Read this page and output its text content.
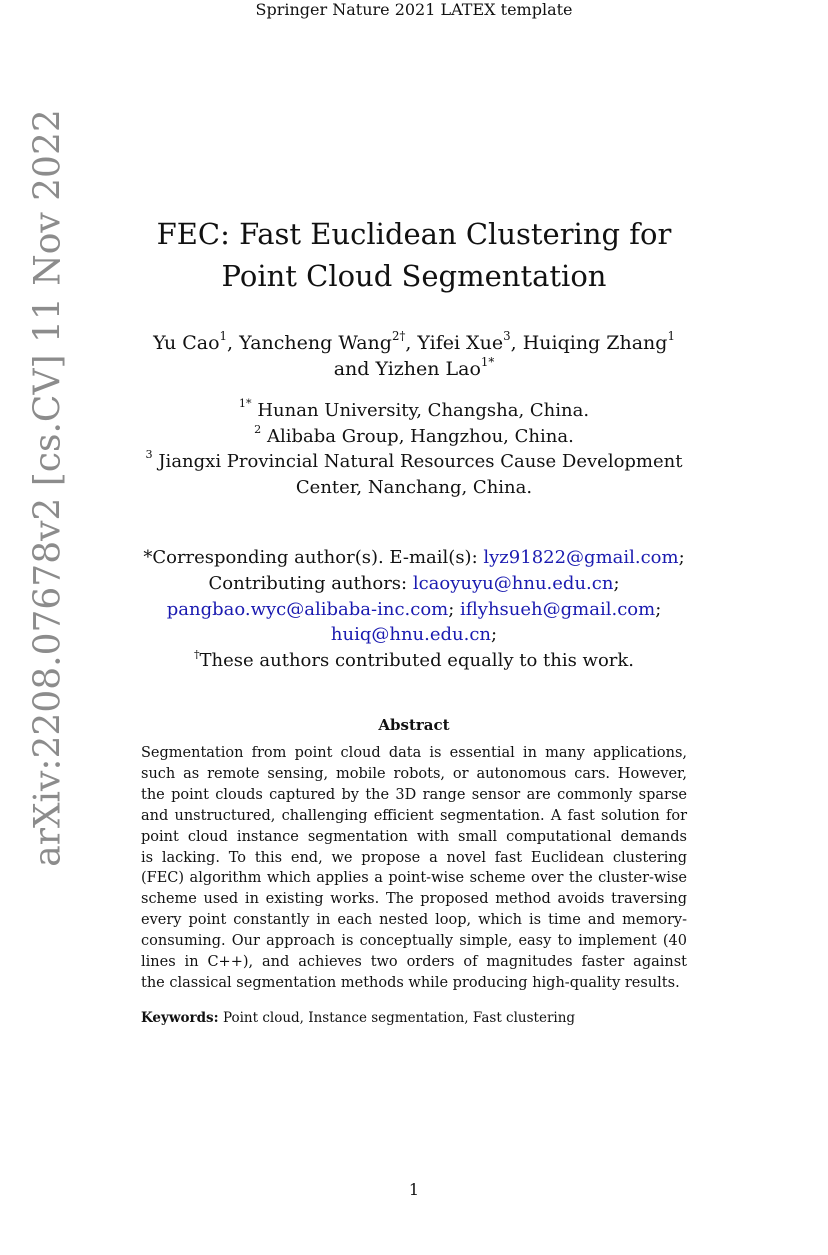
Springer Nature 2021 LATEX template
arXiv:2208.07678v2 [cs.CV] 11 Nov 2022	FEC: Fast Euclidean Clustering for
Point Cloud Segmentation
Yu Cao$^1$, Yancheng Wang$^{2\dagger}$, Yifei Xue$^3$, Huiqing Zhang$^1$
and Yizhen Lao$^{1*}$
$^{1*}$ Hunan University, Changsha, China.
$^2$ Alibaba Group, Hangzhou, China.
$^3$ Jiangxi Provincial Natural Resources Cause Development
Center, Nanchang, China.
*Corresponding author(s). E-mail(s): lyz91822@gmail.com;
Contributing authors: lcaoyuyu@hnu.edu.cn;
pangbao.wyc@alibaba-inc.com; iflyhsueh@gmail.com;
huiq@hnu.edu.cn;
†These authors contributed equally to this work.
Abstract
Segmentation from point cloud data is essential in many applications,
such as remote sensing, mobile robots, or autonomous cars. However,
the point clouds captured by the 3D range sensor are commonly sparse
and unstructured, challenging efficient segmentation. A fast solution for
point cloud instance segmentation with small computational demands
is lacking. To this end, we propose a novel fast Euclidean clustering
(FEC) algorithm which applies a point-wise scheme over the cluster-wise
scheme used in existing works. The proposed method avoids traversing
every point constantly in each nested loop, which is time and memory-
consuming. Our approach is conceptually simple, easy to implement (40
lines in C++), and achieves two orders of magnitudes faster against
the classical segmentation methods while producing high-quality results.
Keywords: Point cloud, Instance segmentation, Fast clustering
1
